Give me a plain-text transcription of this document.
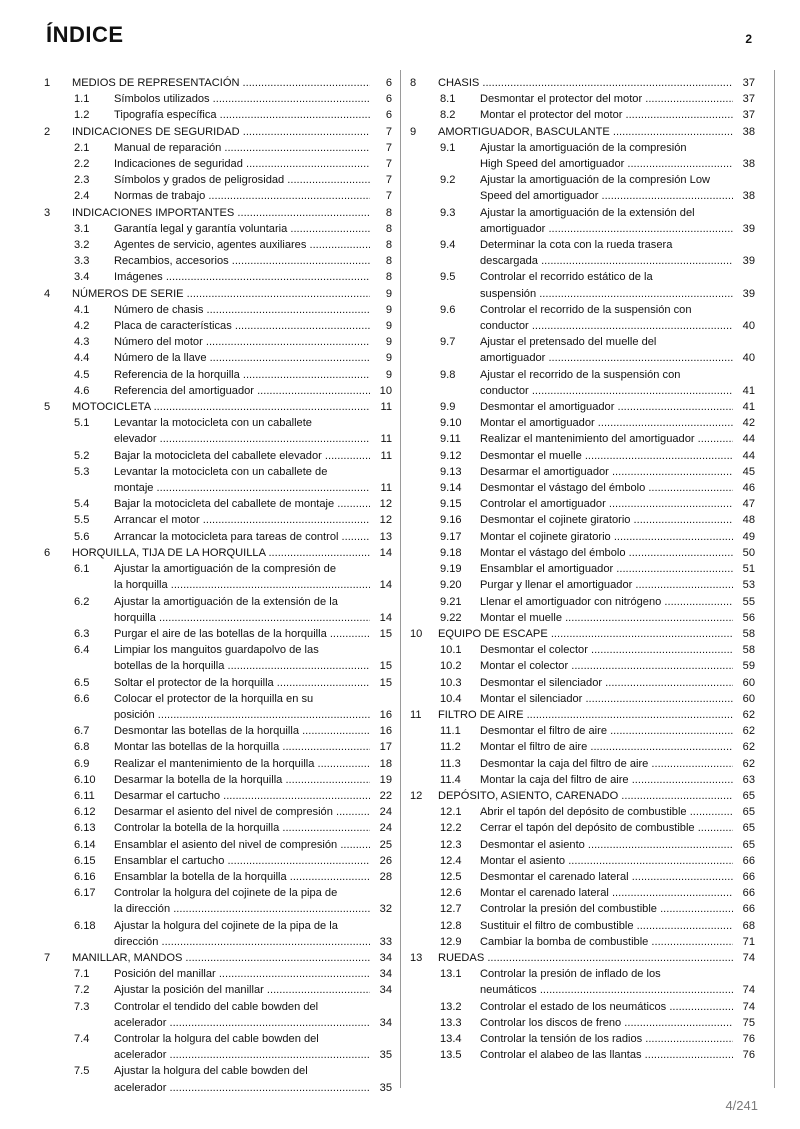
ÍNDICE	2
1 MEDIOS DE REPRESENTACIÓN .....	6
1.1 Símbolos utilizados .....	6
1.2 Tipografía específica .....	6
2 INDICACIONES DE SEGURIDAD .....	7
2.1 Manual de reparación .....	7
2.2 Indicaciones de seguridad .....	7
2.3 Símbolos y grados de peligrosidad .....	7
2.4 Normas de trabajo .....	7
3 INDICACIONES IMPORTANTES .....	8
3.1 Garantía legal y garantía voluntaria .....	8
3.2 Agentes de servicio, agentes auxiliares .....	8
3.3 Recambios, accesorios .....	8
3.4 Imágenes .....	8
4 NÚMEROS DE SERIE .....	9
4.1 Número de chasis .....	9
4.2 Placa de características .....	9
4.3 Número del motor .....	9
4.4 Número de la llave .....	9
4.5 Referencia de la horquilla .....	9
4.6 Referencia del amortiguador .....	10
5 MOTOCICLETA .....	11
5.1 Levantar la motocicleta con un caballete
elevador .....	11
5.2 Bajar la motocicleta del caballete elevador .....	11
5.3 Levantar la motocicleta con un caballete de
montaje .....	11
5.4 Bajar la motocicleta del caballete de montaje .....	12
5.5 Arrancar el motor .....	12
5.6 Arrancar la motocicleta para tareas de control .....	13
6 HORQUILLA, TIJA DE LA HORQUILLA .....	14
6.1 Ajustar la amortiguación de la compresión de
la horquilla .....	14
6.2 Ajustar la amortiguación de la extensión de la
horquilla .....	14
6.3 Purgar el aire de las botellas de la horquilla .....	15
6.4 Limpiar los manguitos guardapolvo de las
botellas de la horquilla .....	15
6.5 Soltar el protector de la horquilla .....	15
6.6 Colocar el protector de la horquilla en su
posición .....	16
6.7 Desmontar las botellas de la horquilla .....	16
6.8 Montar las botellas de la horquilla .....	17
6.9 Realizar el mantenimiento de la horquilla .....	18
6.10 Desarmar la botella de la horquilla .....	19
6.11 Desarmar el cartucho .....	22
6.12 Desarmar el asiento del nivel de compresión .....	24
6.13 Controlar la botella de la horquilla .....	24
6.14 Ensamblar el asiento del nivel de compresión .....	25
6.15 Ensamblar el cartucho .....	26
6.16 Ensamblar la botella de la horquilla .....	28
6.17 Controlar la holgura del cojinete de la pipa de
la dirección .....	32
6.18 Ajustar la holgura del cojinete de la pipa de la
dirección .....	33
7 MANILLAR, MANDOS .....	34
7.1 Posición del manillar .....	34
7.2 Ajustar la posición del manillar .....	34
7.3 Controlar el tendido del cable bowden del
acelerador .....	34
7.4 Controlar la holgura del cable bowden del
acelerador .....	35
7.5 Ajustar la holgura del cable bowden del
acelerador .....	35
8 CHASIS .....	37
8.1 Desmontar el protector del motor .....	37
8.2 Montar el protector del motor .....	37
9 AMORTIGUADOR, BASCULANTE .....	38
9.1 Ajustar la amortiguación de la compresión
High Speed del amortiguador .....	38
9.2 Ajustar la amortiguación de la compresión Low
Speed del amortiguador .....	38
9.3 Ajustar la amortiguación de la extensión del
amortiguador .....	39
9.4 Determinar la cota con la rueda trasera
descargada .....	39
9.5 Controlar el recorrido estático de la
suspensión .....	39
9.6 Controlar el recorrido de la suspensión con
conductor .....	40
9.7 Ajustar el pretensado del muelle del
amortiguador .....	40
9.8 Ajustar el recorrido de la suspensión con
conductor .....	41
9.9 Desmontar el amortiguador .....	41
9.10 Montar el amortiguador .....	42
9.11 Realizar el mantenimiento del amortiguador .....	44
9.12 Desmontar el muelle .....	44
9.13 Desarmar el amortiguador .....	45
9.14 Desmontar el vástago del émbolo .....	46
9.15 Controlar el amortiguador .....	47
9.16 Desmontar el cojinete giratorio .....	48
9.17 Montar el cojinete giratorio .....	49
9.18 Montar el vástago del émbolo .....	50
9.19 Ensamblar el amortiguador .....	51
9.20 Purgar y llenar el amortiguador .....	53
9.21 Llenar el amortiguador con nitrógeno .....	55
9.22 Montar el muelle .....	56
10 EQUIPO DE ESCAPE .....	58
10.1 Desmontar el colector .....	58
10.2 Montar el colector .....	59
10.3 Desmontar el silenciador .....	60
10.4 Montar el silenciador .....	60
11 FILTRO DE AIRE .....	62
11.1 Desmontar el filtro de aire .....	62
11.2 Montar el filtro de aire .....	62
11.3 Desmontar la caja del filtro de aire .....	62
11.4 Montar la caja del filtro de aire .....	63
12 DEPÓSITO, ASIENTO, CARENADO .....	65
12.1 Abrir el tapón del depósito de combustible .....	65
12.2 Cerrar el tapón del depósito de combustible .....	65
12.3 Desmontar el asiento .....	65
12.4 Montar el asiento .....	66
12.5 Desmontar el carenado lateral .....	66
12.6 Montar el carenado lateral .....	66
12.7 Controlar la presión del combustible .....	66
12.8 Sustituir el filtro de combustible .....	68
12.9 Cambiar la bomba de combustible .....	71
13 RUEDAS .....	74
13.1 Controlar la presión de inflado de los
neumáticos .....	74
13.2 Controlar el estado de los neumáticos .....	74
13.3 Controlar los discos de freno .....	75
13.4 Controlar la tensión de los radios .....	76
13.5 Controlar el alabeo de las llantas .....	76
4/241
